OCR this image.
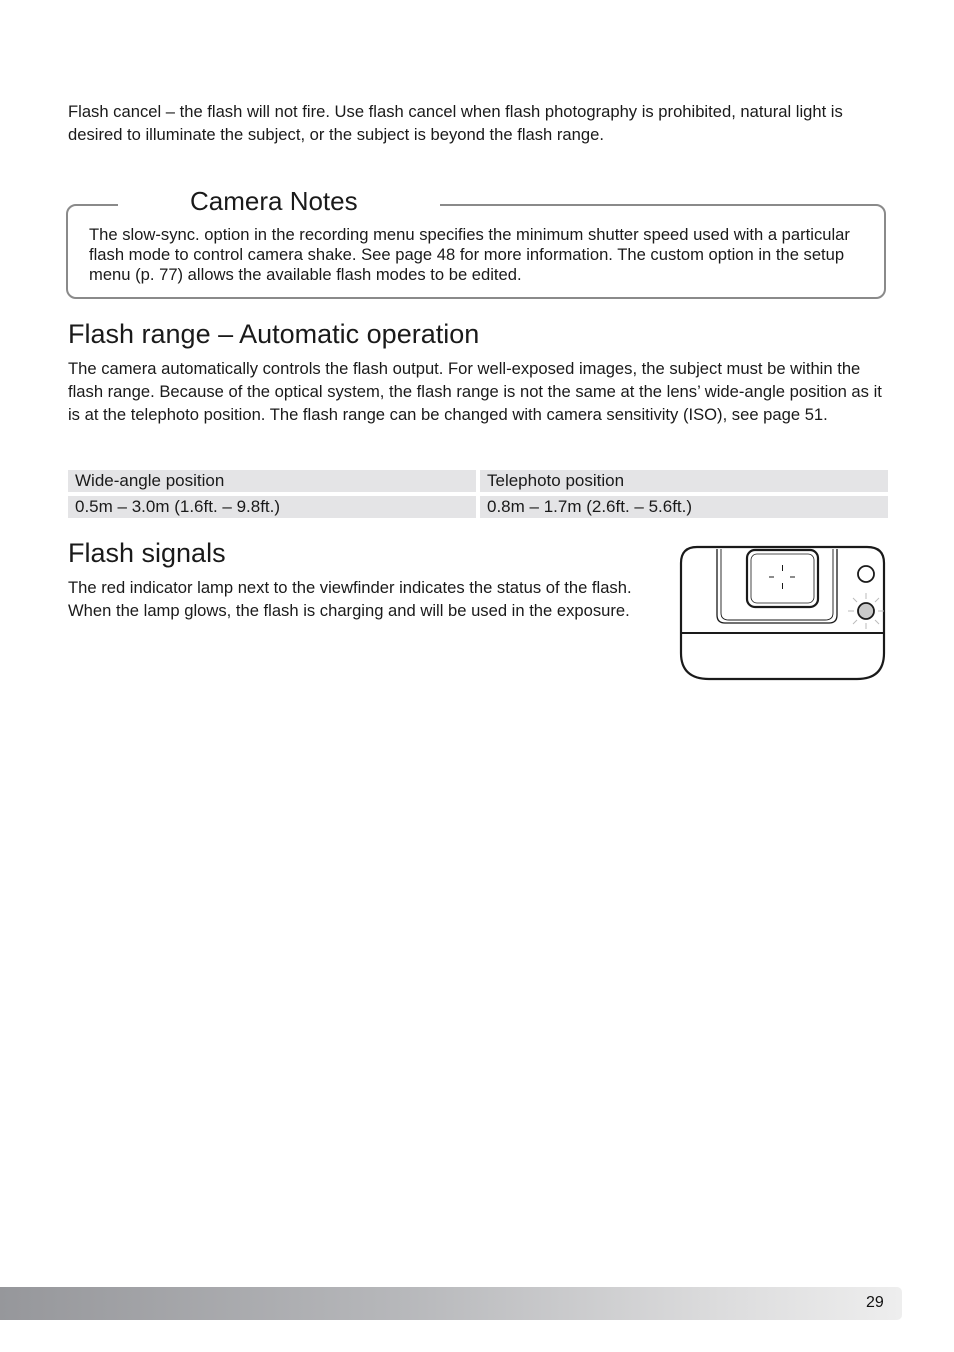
Flash cancel – the flash will not fire. Use flash cancel when flash photography is prohibited, natural light is desired to illuminate the subject, or the subject is beyond the flash range.

Camera Notes

The slow-sync. option in the recording menu specifies the minimum shutter speed used with a particular flash mode to control camera shake. See page 48 for more information. The custom option in the setup menu (p. 77) allows the available flash modes to be edited.

Flash range – Automatic operation

The camera automatically controls the flash output. For well-exposed images, the subject must be within the flash range. Because of the optical system, the flash range is not the same at the lens’ wide-angle position as it is at the telephoto position. The flash range can be changed with camera sensitivity (ISO), see page 51.

Wide-angle position	Telephoto position
0.5m – 3.0m (1.6ft. – 9.8ft.)	0.8m – 1.7m (2.6ft. – 5.6ft.)
Flash signals

The red indicator lamp next to the viewfinder indicates the status of the flash. When the lamp glows, the flash is charging and will be used in the exposure.

29
